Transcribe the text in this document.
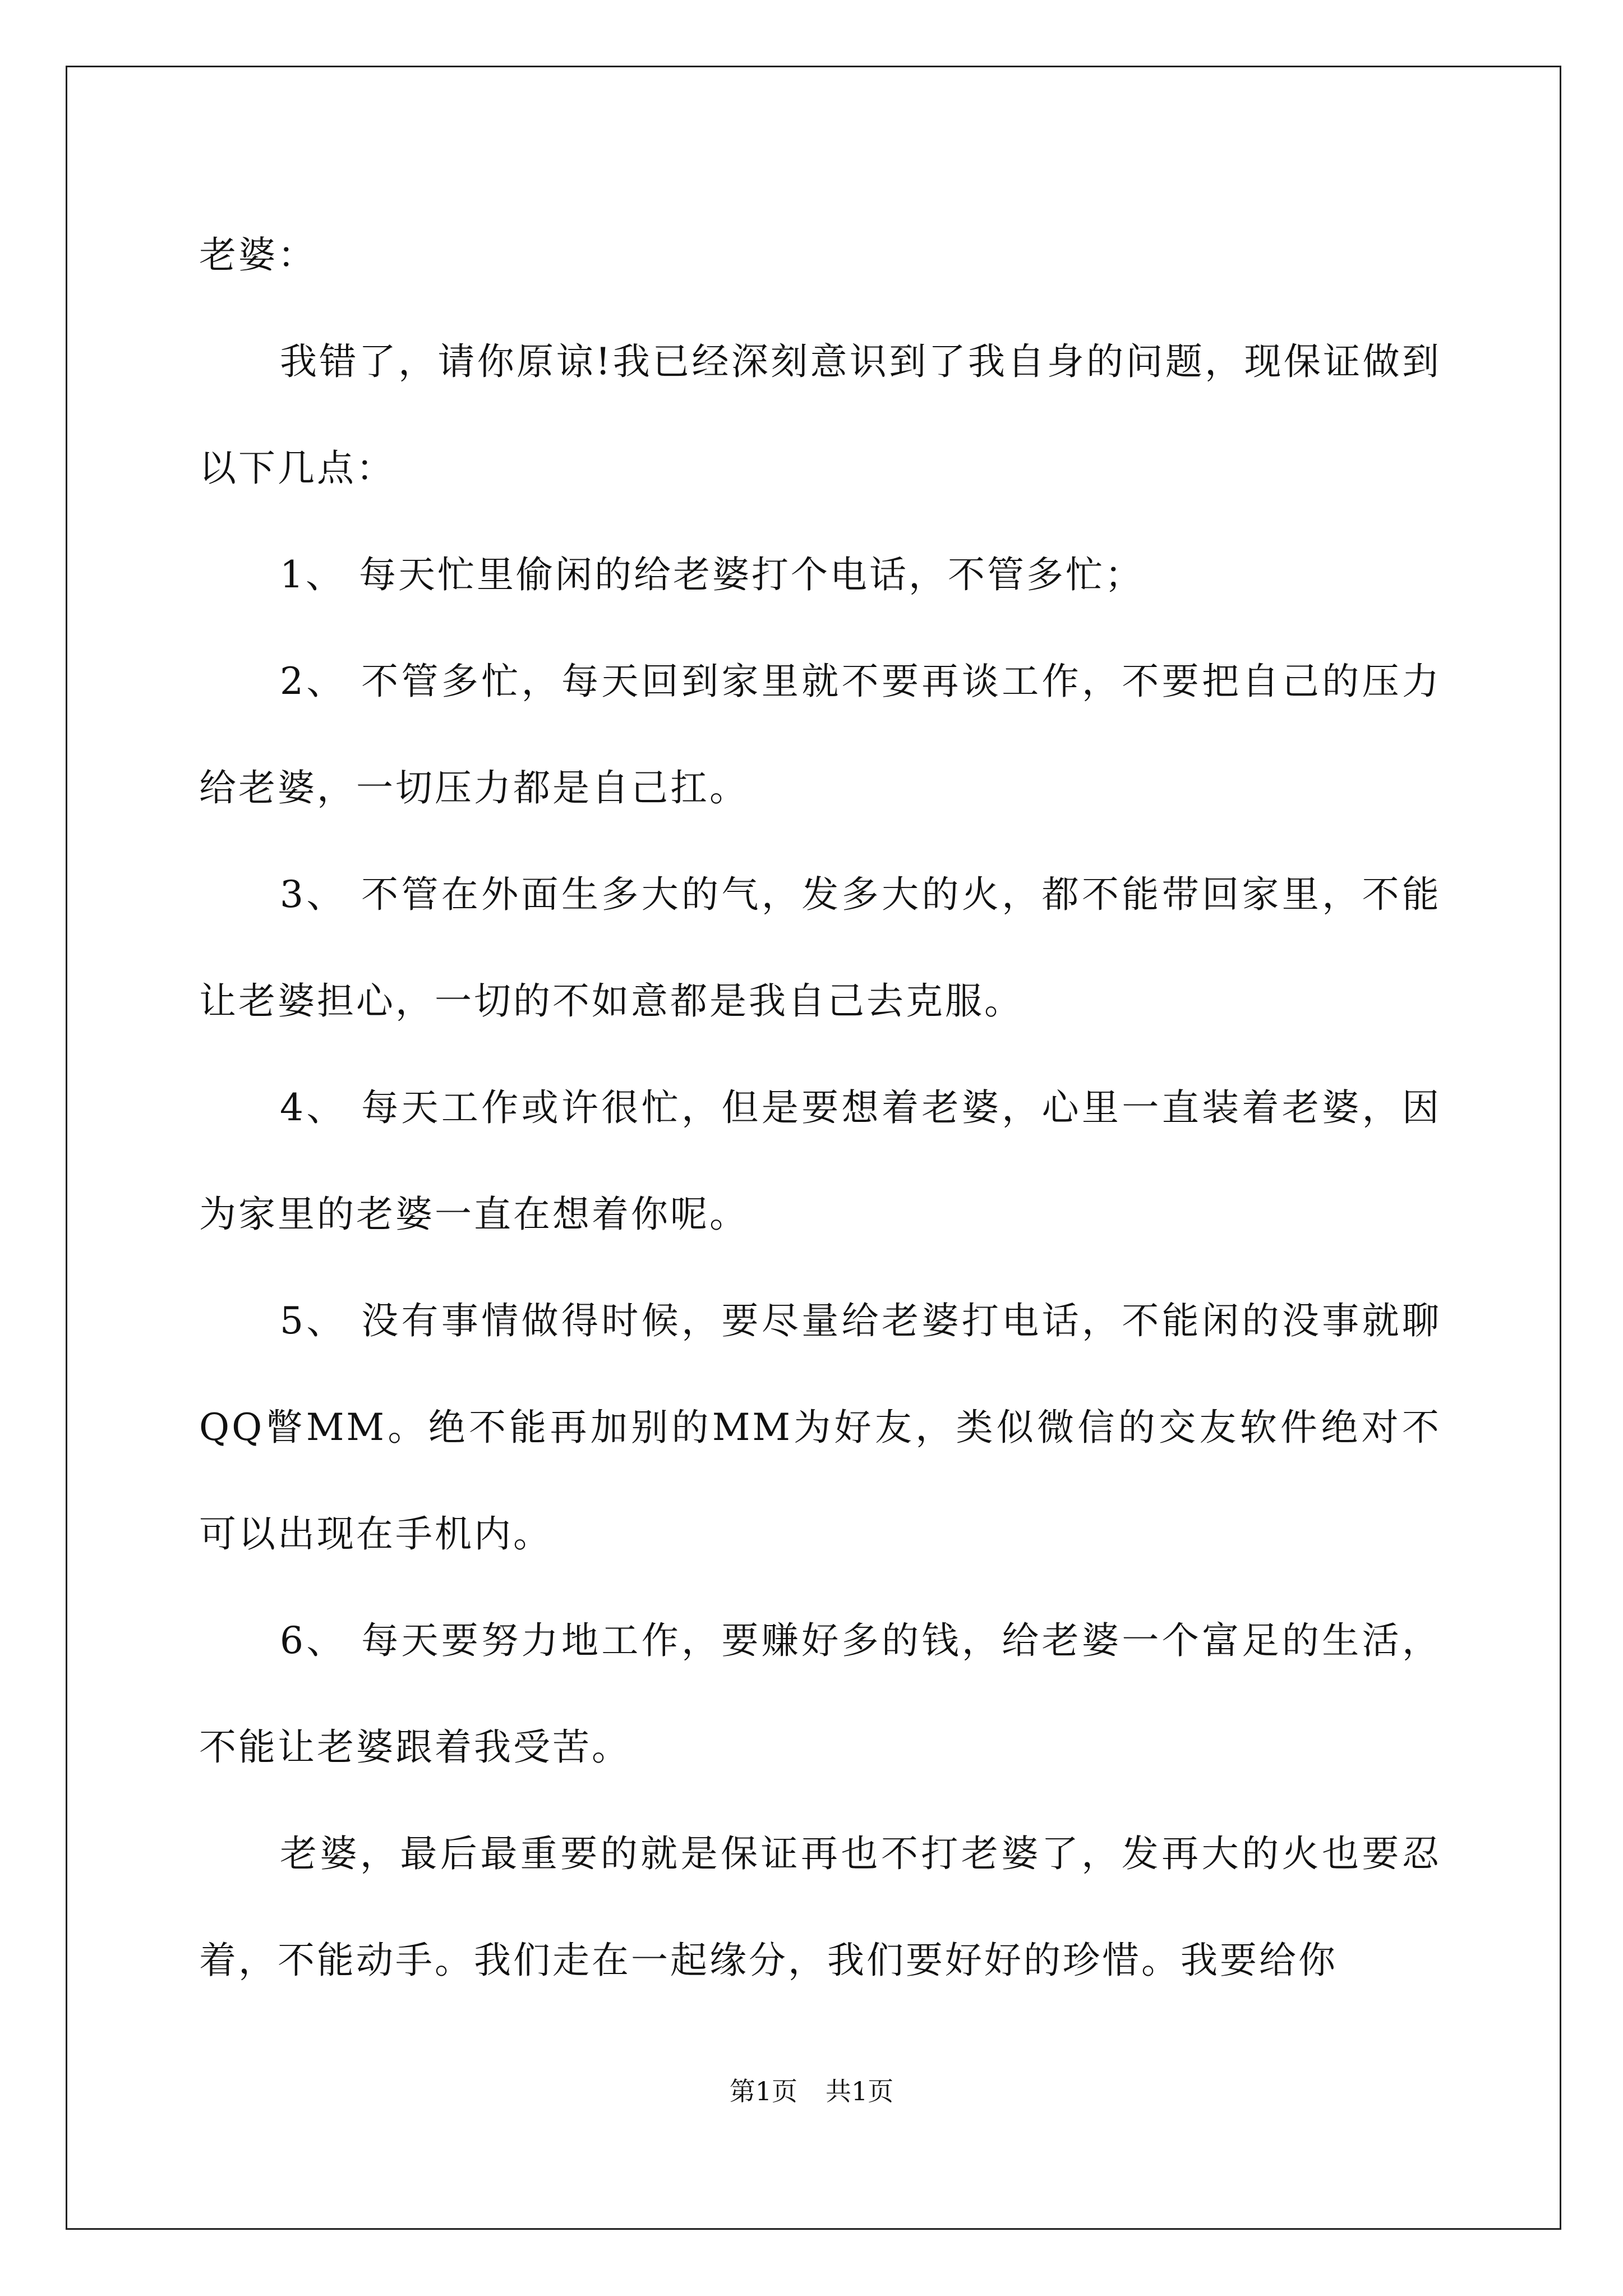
老婆：

我错了，请你原谅!我已经深刻意识到了我自身的问题，现保证做到以下几点：

1、 每天忙里偷闲的给老婆打个电话，不管多忙；

2、 不管多忙，每天回到家里就不要再谈工作，不要把自己的压力给老婆，一切压力都是自己扛。

3、 不管在外面生多大的气，发多大的火，都不能带回家里，不能让老婆担心，一切的不如意都是我自己去克服。

4、 每天工作或许很忙，但是要想着老婆，心里一直装着老婆，因为家里的老婆一直在想着你呢。

5、 没有事情做得时候，要尽量给老婆打电话，不能闲的没事就聊QQ瞥MM。绝不能再加别的MM为好友，类似微信的交友软件绝对不可以出现在手机内。

6、 每天要努力地工作，要赚好多的钱，给老婆一个富足的生活，不能让老婆跟着我受苦。

老婆，最后最重要的就是保证再也不打老婆了，发再大的火也要忍着，不能动手。我们走在一起缘分，我们要好好的珍惜。我要给你

第1页 共1页
